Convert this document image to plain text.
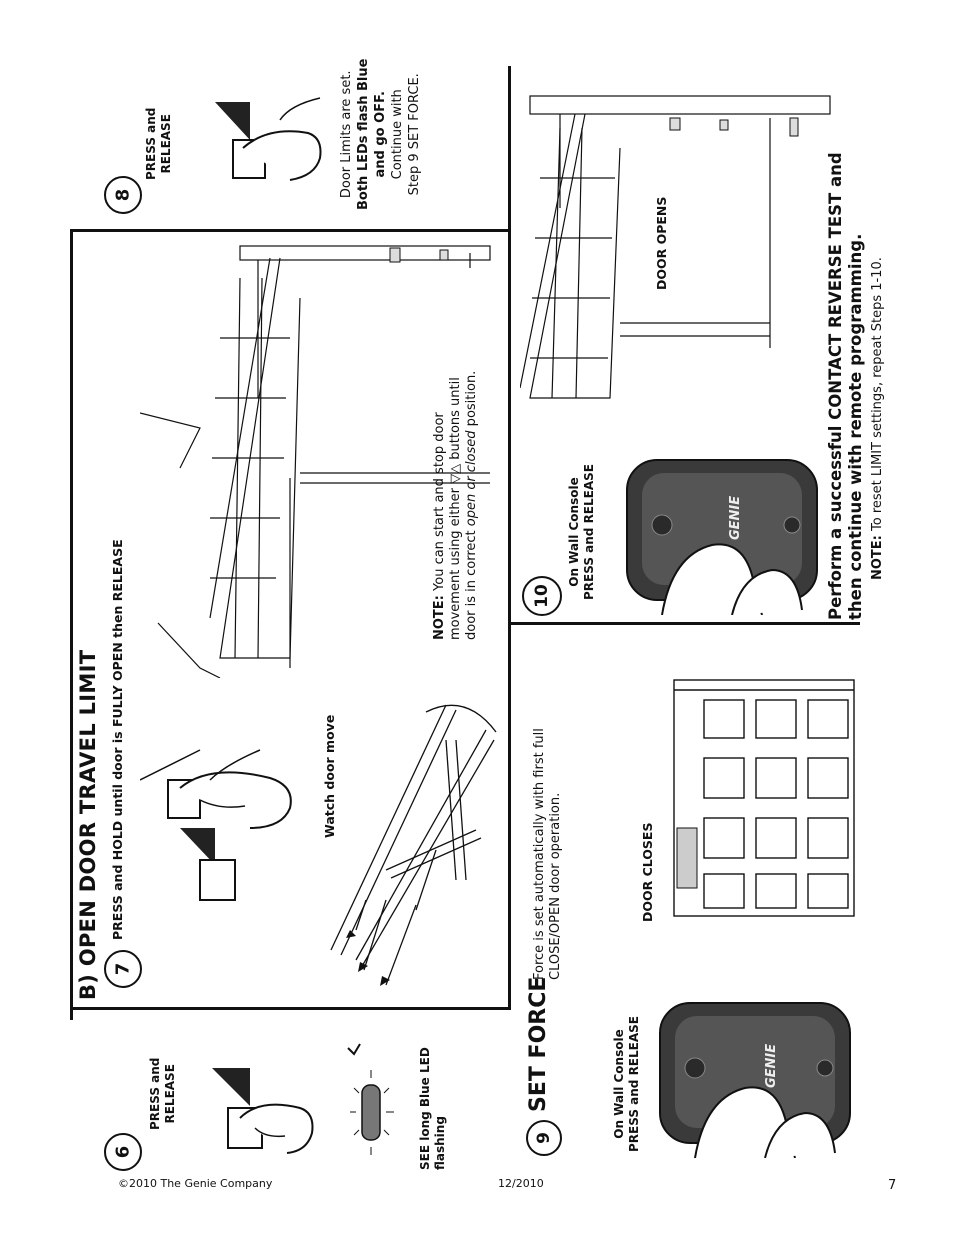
©2010 The Genie Company	12/2010	7
6
PRESS and RELEASE	SEE long Blue LED flashing
B) OPEN DOOR TRAVEL LIMIT 7
PRESS and HOLD until door is FULLY OPEN then RELEASE	Watch door move
NOTE: You can start and stop door movement using either ▽△ buttons until
door is in correct open or closed position.
8
PRESS and RELEASE	Door Limits are set. Both LEDs flash Blue and go OFF. Continue with Step 9 SET FORCE.
9
SET FORCE	On Wall Console PRESS and RELEASE
Force is set automatically with first full CLOSE/OPEN door operation.	DOOR CLOSES
GENIE
10
On Wall Console PRESS and RELEASE	GENIE
DOOR OPENS	Perform a successful CONTACT REVERSE TEST and then continue with remote programming. NOTE: To reset LIMIT settings, repeat Steps 1-10.
